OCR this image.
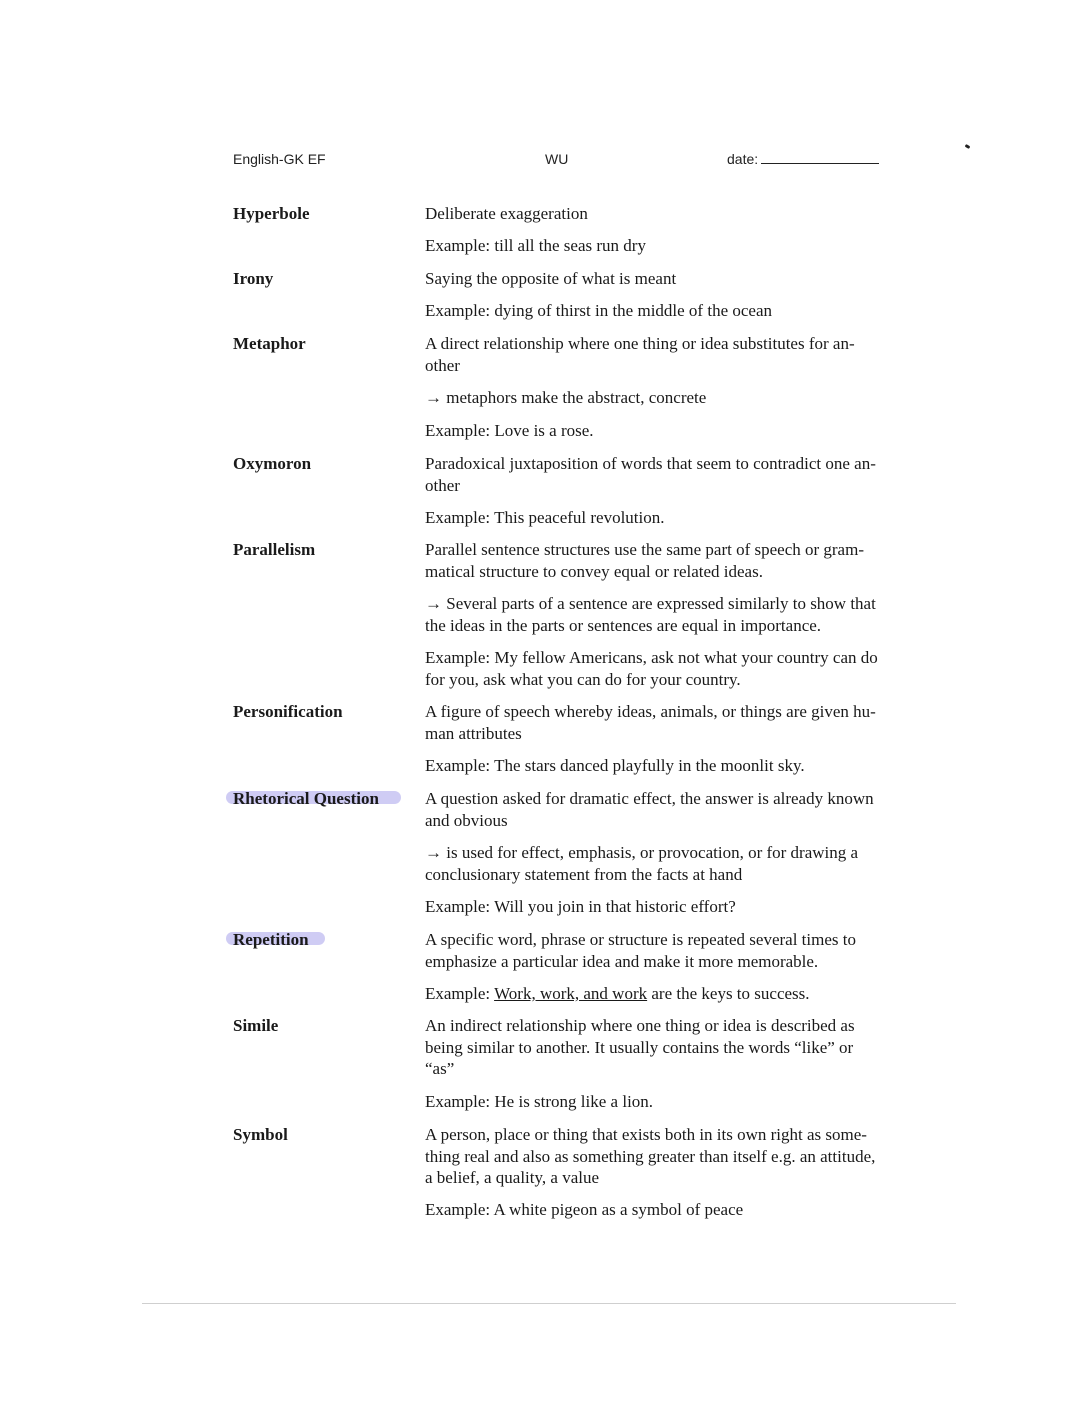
English-GK EF	WU	date:
Hyperbole	Deliberate exaggeration

Example: till all the seas run dry

Irony	Saying the opposite of what is meant

Example: dying of thirst in the middle of the ocean

Metaphor	A direct relationship where one thing or idea substitutes for an-other

→ metaphors make the abstract, concrete

Example: Love is a rose.

Oxymoron	Paradoxical juxtaposition of words that seem to contradict one an-other

Example: This peaceful revolution.

Parallelism	Parallel sentence structures use the same part of speech or gram-matical structure to convey equal or related ideas.

→ Several parts of a sentence are expressed similarly to show that the ideas in the parts or sentences are equal in importance.

Example: My fellow Americans, ask not what your country can do for you, ask what you can do for your country.

Personification	A figure of speech whereby ideas, animals, or things are given hu-man attributes

Example: The stars danced playfully in the moonlit sky.

Rhetorical Question	A question asked for dramatic effect, the answer is already known and obvious

→ is used for effect, emphasis, or provocation, or for drawing a conclusionary statement from the facts at hand

Example: Will you join in that historic effort?

Repetition	A specific word, phrase or structure is repeated several times to emphasize a particular idea and make it more memorable.

Example: Work, work, and work are the keys to success.

Simile	An indirect relationship where one thing or idea is described as being similar to another. It usually contains the words “like” or “as”

Example: He is strong like a lion.

Symbol	A person, place or thing that exists both in its own right as some-thing real and also as something greater than itself e.g. an attitude, a belief, a quality, a value

Example: A white pigeon as a symbol of peace
